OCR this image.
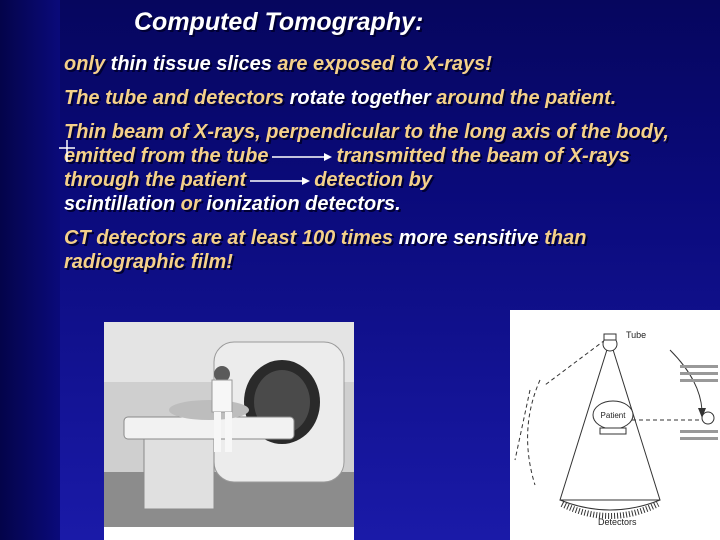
Computed Tomography:

only thin tissue slices are exposed to X-rays!

The tube and detectors rotate together around the patient.

Thin beam of X-rays, perpendicular to the long axis of the body, emitted from the tube	transmitted the beam of X-rays through the patient	detection by
scintillation or ionization detectors.

CT detectors are at least 100 times more sensitive than radiographic film!

Tube
Patient
Detectors
